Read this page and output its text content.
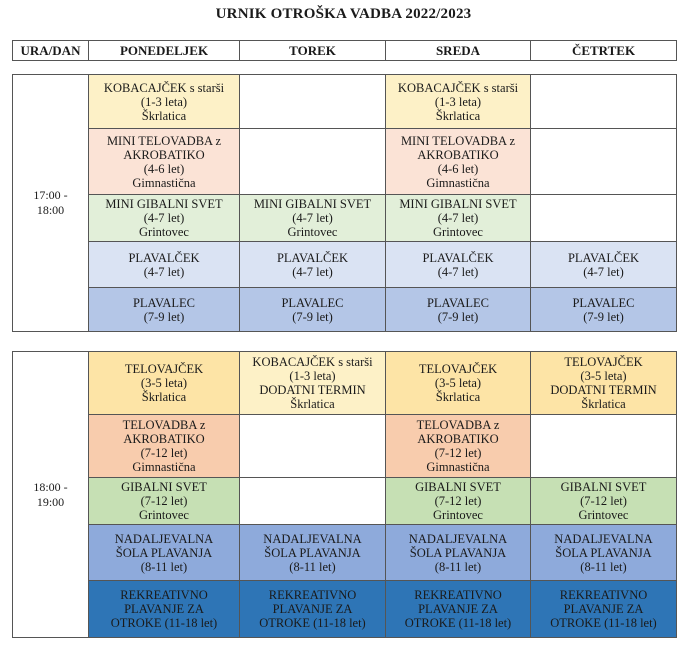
URNIK OTROŠKA VADBA 2022/2023
URA/DAN	PONEDELJEK	TOREK	SREDA	ČETRTEK
17:00 -
18:00	KOBACAJČEK s starši
(1-3 leta)
Škrlatica		KOBACAJČEK s starši
(1-3 leta)
Škrlatica	

	MINI TELOVADBA z
AKROBATIKO
(4-6 let)
Gimnastična		MINI TELOVADBA z
AKROBATIKO
(4-6 let)
Gimnastična	

	MINI GIBALNI SVET
(4-7 let)
Grintovec	MINI GIBALNI SVET
(4-7 let)
Grintovec	MINI GIBALNI SVET
(4-7 let)
Grintovec	

	PLAVALČEK
(4-7 let)	PLAVALČEK
(4-7 let)	PLAVALČEK
(4-7 let)	PLAVALČEK
(4-7 let)

	PLAVALEC
(7-9 let)	PLAVALEC
(7-9 let)	PLAVALEC
(7-9 let)	PLAVALEC
(7-9 let)
18:00 -
19:00	TELOVAJČEK
(3-5 leta)
Škrlatica	KOBACAJČEK s starši
(1-3 leta)
DODATNI TERMIN
Škrlatica	TELOVAJČEK
(3-5 leta)
Škrlatica	TELOVAJČEK
(3-5 leta)
DODATNI TERMIN
Škrlatica

	TELOVADBA z
AKROBATIKO
(7-12 let)
Gimnastična		TELOVADBA z
AKROBATIKO
(7-12 let)
Gimnastična	

	GIBALNI SVET
(7-12 let)
Grintovec		GIBALNI SVET
(7-12 let)
Grintovec	GIBALNI SVET
(7-12 let)
Grintovec

	NADALJEVALNA
ŠOLA PLAVANJA
(8-11 let)	NADALJEVALNA
ŠOLA PLAVANJA
(8-11 let)	NADALJEVALNA
ŠOLA PLAVANJA
(8-11 let)	NADALJEVALNA
ŠOLA PLAVANJA
(8-11 let)

	REKREATIVNO
PLAVANJE ZA
OTROKE (11-18 let)	REKREATIVNO
PLAVANJE ZA
OTROKE (11-18 let)	REKREATIVNO
PLAVANJE ZA
OTROKE (11-18 let)	REKREATIVNO
PLAVANJE ZA
OTROKE (11-18 let)
